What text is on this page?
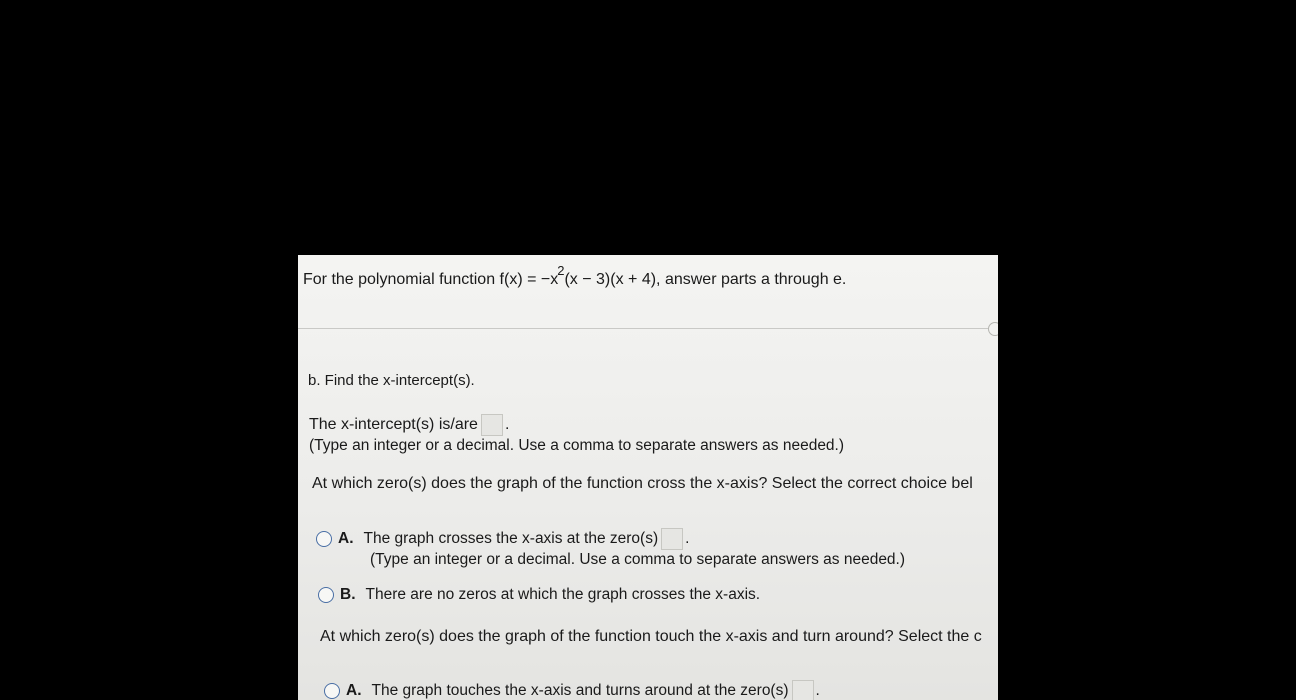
For the polynomial function $f(x) = -x^2(x - 3)(x + 4)$, answer parts a through e.
b. Find the x-intercept(s).
The x-intercept(s) is/are .
(Type an integer or a decimal. Use a comma to separate answers as needed.)
At which zero(s) does the graph of the function cross the x-axis? Select the correct choice bel
A. The graph crosses the x-axis at the zero(s) .
(Type an integer or a decimal. Use a comma to separate answers as needed.)
B. There are no zeros at which the graph crosses the x-axis.
At which zero(s) does the graph of the function touch the x-axis and turn around? Select the c
A. The graph touches the x-axis and turns around at the zero(s) .
